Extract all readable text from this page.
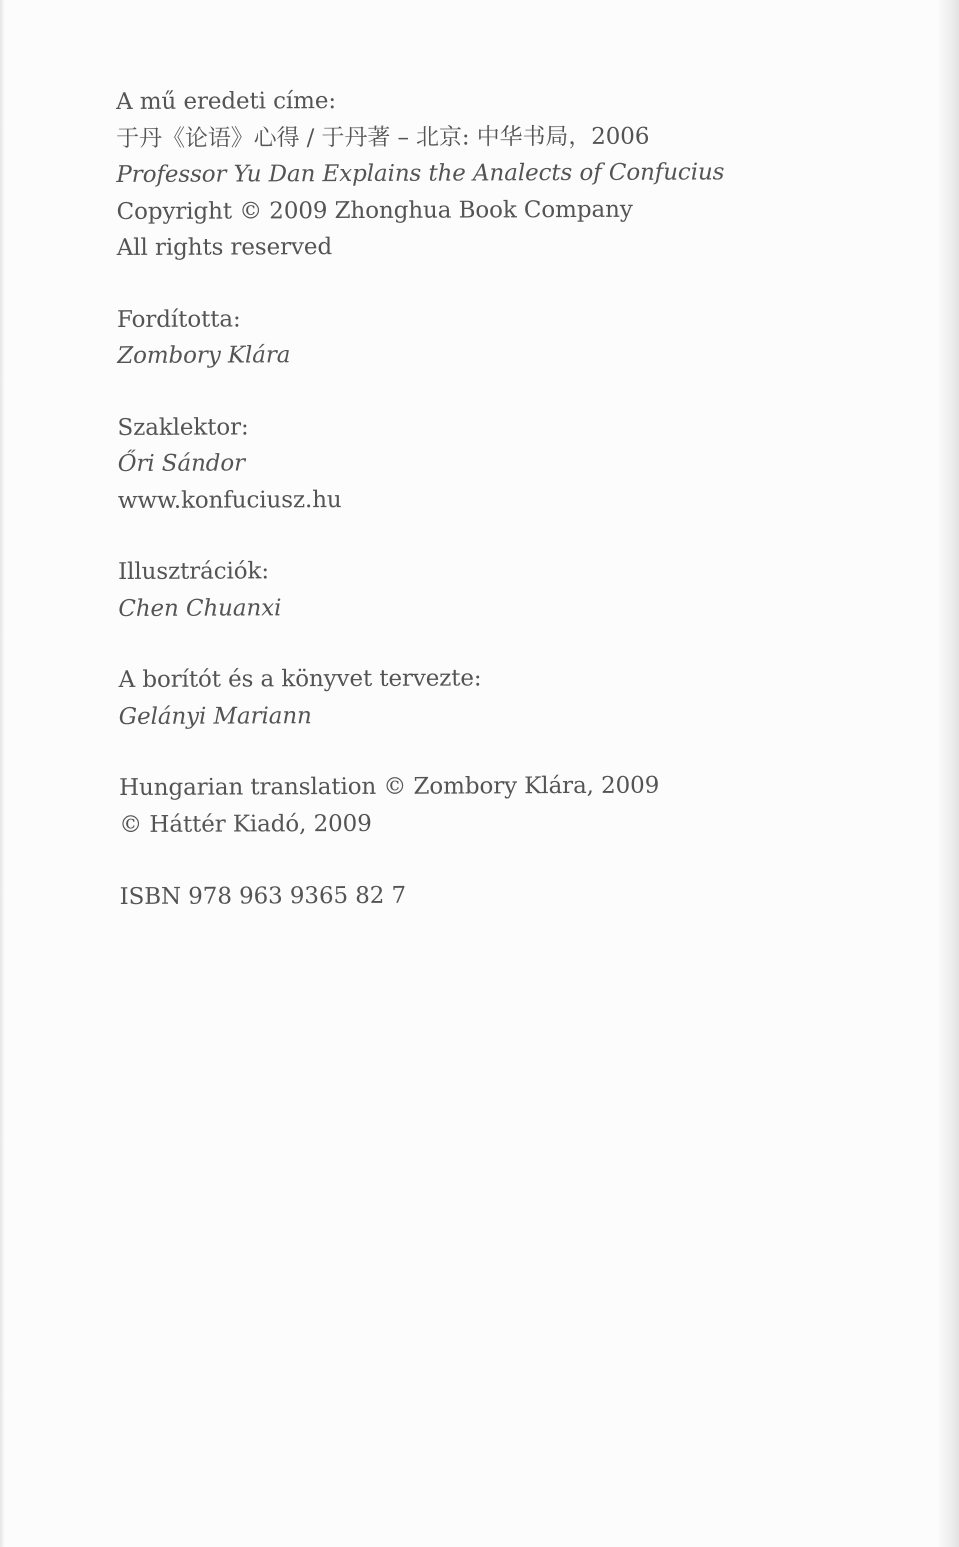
A mű eredeti címe:
于丹《论语》心得 / 于丹著 – 北京: 中华书局，2006
Professor Yu Dan Explains the Analects of Confucius
Copyright © 2009 Zhonghua Book Company
All rights reserved
Fordította:
Zombory Klára
Szaklektor:
Őri Sándor
www.konfuciusz.hu
Illusztrációk:
Chen Chuanxi
A borítót és a könyvet tervezte:
Gelányi Mariann
Hungarian translation © Zombory Klára, 2009
© Háttér Kiadó, 2009
ISBN 978 963 9365 82 7
